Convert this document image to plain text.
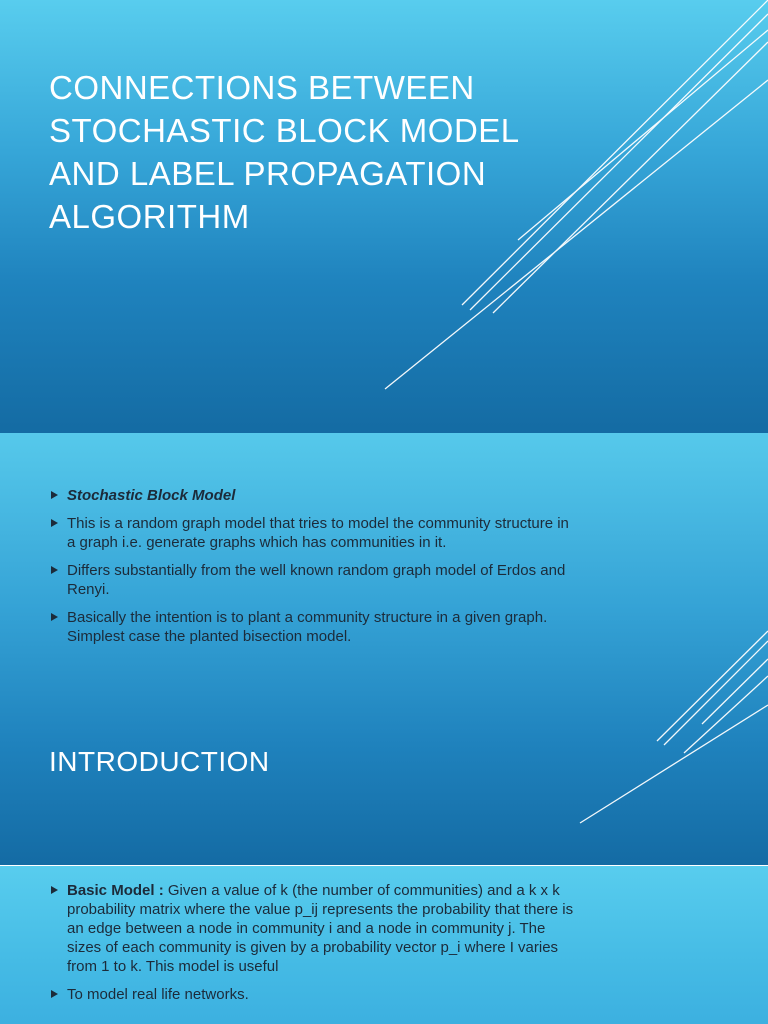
CONNECTIONS BETWEEN STOCHASTIC BLOCK MODEL AND LABEL PROPAGATION ALGORITHM
Stochastic Block Model
This is a random graph model that tries to model the community structure in a graph i.e. generate graphs which has communities in it.
Differs substantially from the well known random graph model of Erdos and Renyi.
Basically the intention is to plant a community structure in a given graph. Simplest case the planted bisection model.
INTRODUCTION
Basic Model : Given a value of k (the number of communities) and a k x k probability matrix where the value p_ij represents the probability that there is an edge between a node in community i and a node in community j. The sizes of each community is given by a probability vector p_i where I varies from 1 to k. This model is useful
To model real life networks.
